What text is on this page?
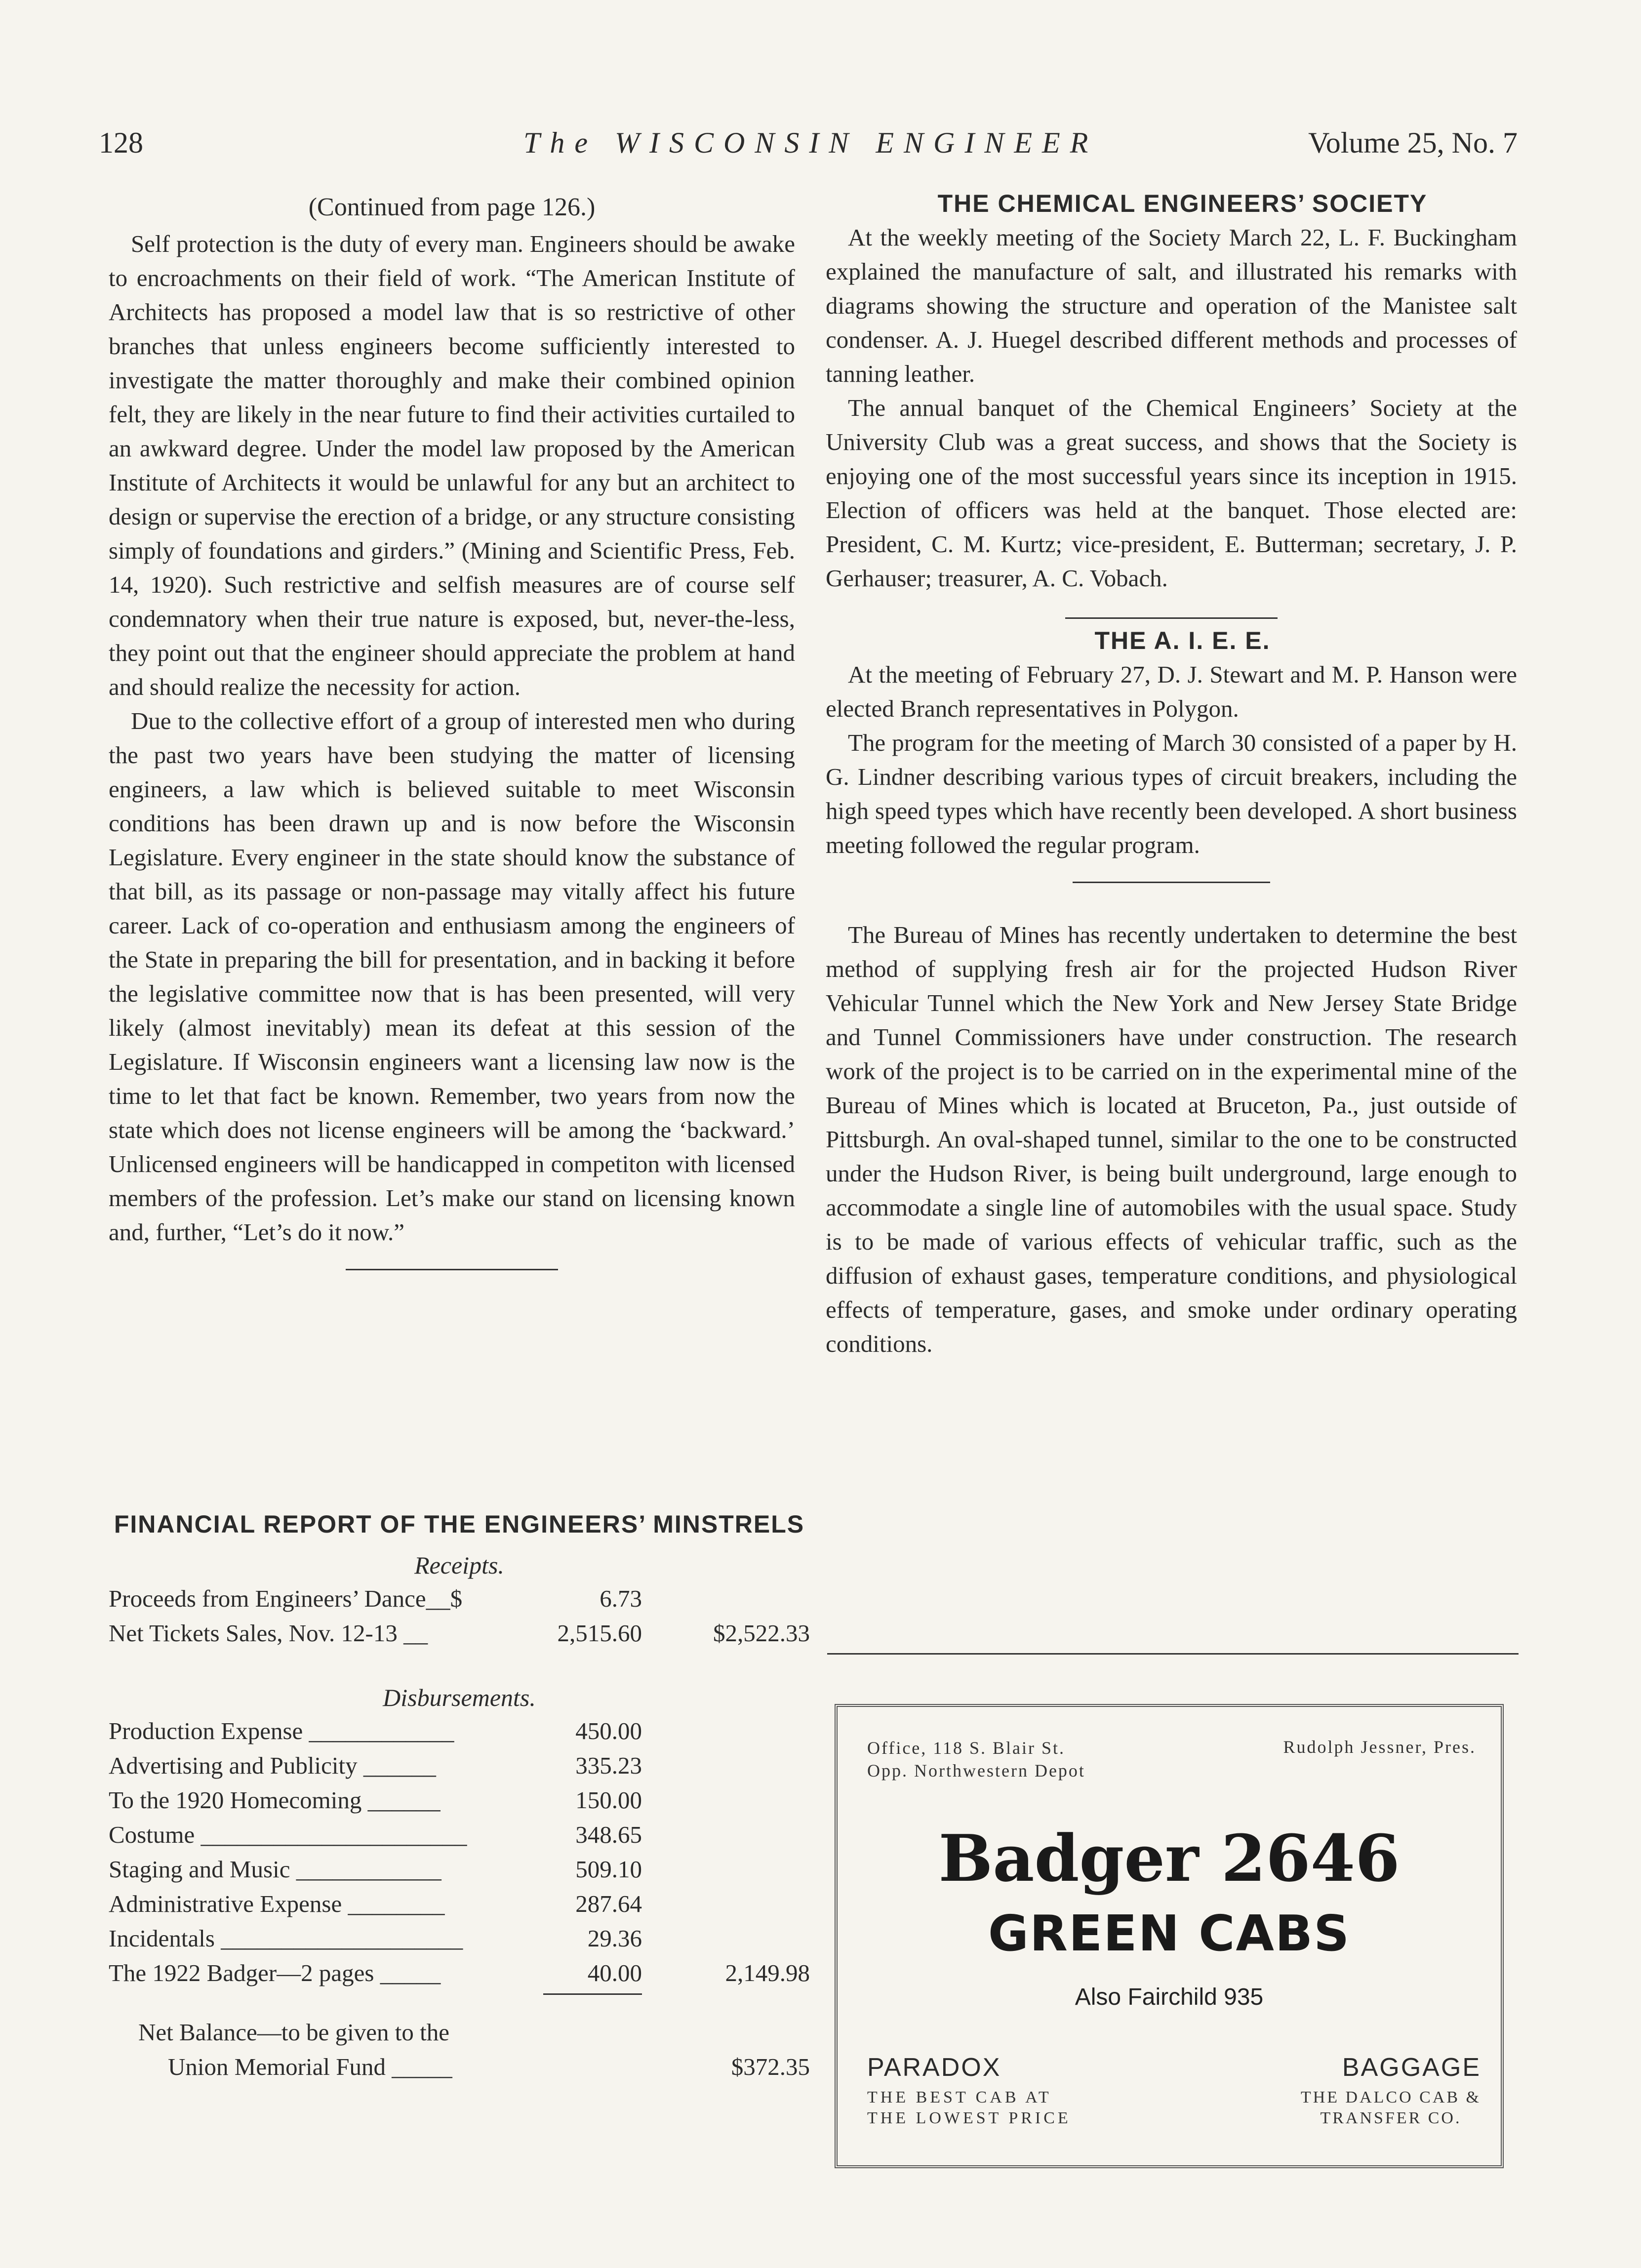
128	The WISCONSIN ENGINEER	Volume 25, No. 7

(Continued from page 126.)

Self protection is the duty of every man. Engineers should be awake to encroachments on their field of work. “The American Institute of Architects has proposed a model law that is so restrictive of other branches that unless engineers become sufficiently interested to investigate the matter thoroughly and make their combined opinion felt, they are likely in the near future to find their activities curtailed to an awkward degree. Under the model law proposed by the American Institute of Architects it would be unlawful for any but an architect to design or supervise the erection of a bridge, or any structure consisting simply of foundations and girders.” (Mining and Scientific Press, Feb. 14, 1920). Such restrictive and selfish measures are of course self condemnatory when their true nature is exposed, but, never-the-less, they point out that the engineer should appreciate the problem at hand and should realize the necessity for action.

Due to the collective effort of a group of interested men who during the past two years have been studying the matter of licensing engineers, a law which is believed suitable to meet Wisconsin conditions has been drawn up and is now before the Wisconsin Legislature. Every engineer in the state should know the substance of that bill, as its passage or non-passage may vitally affect his future career. Lack of co-operation and enthusiasm among the engineers of the State in preparing the bill for presentation, and in backing it before the legislative committee now that is has been presented, will very likely (almost inevitably) mean its defeat at this session of the Legislature. If Wisconsin engineers want a licensing law now is the time to let that fact be known. Remember, two years from now the state which does not license engineers will be among the ‘backward.’ Unlicensed engineers will be handicapped in competiton with licensed members of the profession. Let’s make our stand on licensing known and, further, “Let’s do it now.”

FINANCIAL REPORT OF THE ENGINEERS’ MINSTRELS

Receipts.
Proceeds from Engineers’ Dance__$	6.73
Net Tickets Sales, Nov. 12-13 __	2,515.60	$2,522.33
Disbursements.
Production Expense ____________	450.00
Advertising and Publicity ______	335.23
To the 1920 Homecoming ______	150.00
Costume ______________________	348.65
Staging and Music ____________	509.10
Administrative Expense ________	287.64
Incidentals ____________________	29.36
The 1922 Badger—2 pages _____	40.00	2,149.98
Net Balance—to be given to the
Union Memorial Fund _____	$372.35

THE CHEMICAL ENGINEERS’ SOCIETY

At the weekly meeting of the Society March 22, L. F. Buckingham explained the manufacture of salt, and illustrated his remarks with diagrams showing the structure and operation of the Manistee salt condenser. A. J. Huegel described different methods and processes of tanning leather.

The annual banquet of the Chemical Engineers’ Society at the University Club was a great success, and shows that the Society is enjoying one of the most successful years since its inception in 1915. Election of officers was held at the banquet. Those elected are: President, C. M. Kurtz; vice-president, E. Butterman; secretary, J. P. Gerhauser; treasurer, A. C. Vobach.

THE A. I. E. E.

At the meeting of February 27, D. J. Stewart and M. P. Hanson were elected Branch representatives in Polygon.

The program for the meeting of March 30 consisted of a paper by H. G. Lindner describing various types of circuit breakers, including the high speed types which have recently been developed. A short business meeting followed the regular program.

The Bureau of Mines has recently undertaken to determine the best method of supplying fresh air for the projected Hudson River Vehicular Tunnel which the New York and New Jersey State Bridge and Tunnel Commissioners have under construction. The research work of the project is to be carried on in the experimental mine of the Bureau of Mines which is located at Bruceton, Pa., just outside of Pittsburgh. An oval-shaped tunnel, similar to the one to be constructed under the Hudson River, is being built underground, large enough to accommodate a single line of automobiles with the usual space. Study is to be made of various effects of vehicular traffic, such as the diffusion of exhaust gases, temperature conditions, and physiological effects of temperature, gases, and smoke under ordinary operating conditions.

Office, 118 S. Blair St.
Opp. Northwestern Depot
Rudolph Jessner, Pres.
Badger 2646
GREEN CABS
Also Fairchild 935
PARADOX
THE BEST CAB AT
THE LOWEST PRICE
BAGGAGE
THE DALCO CAB &
TRANSFER CO.
